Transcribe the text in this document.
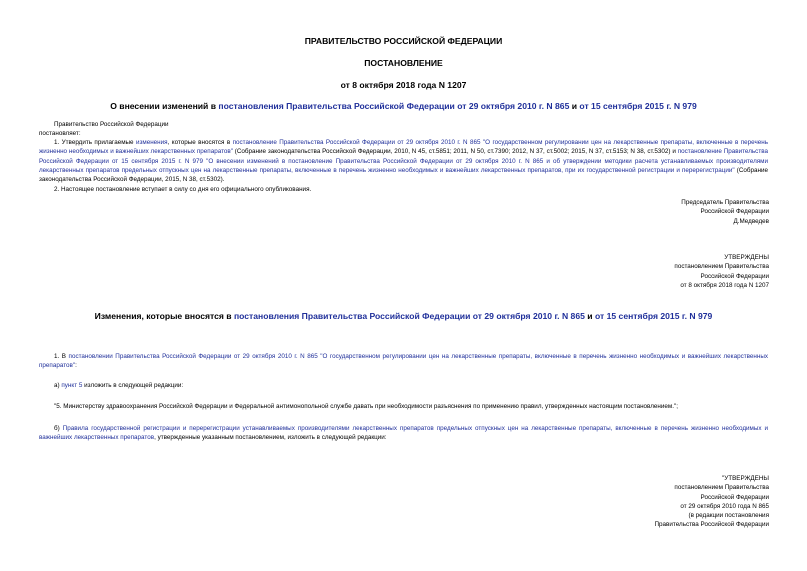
ПРАВИТЕЛЬСТВО РОССИЙСКОЙ ФЕДЕРАЦИИ
ПОСТАНОВЛЕНИЕ
от 8 октября 2018 года N 1207
О внесении изменений в постановления Правительства Российской Федерации от 29 октября 2010 г. N 865 и от 15 сентября 2015 г. N 979
Правительство Российской Федерации
постановляет:
1. Утвердить прилагаемые изменения, которые вносятся в постановление Правительства Российской Федерации от 29 октября 2010 г. N 865 "О государственном регулировании цен на лекарственные препараты, включенные в перечень жизненно необходимых и важнейших лекарственных препаратов" (Собрание законодательства Российской Федерации, 2010, N 45, ст.5851; 2011, N 50, ст.7390; 2012, N 37, ст.5002; 2015, N 37, ст.5153; N 38, ст.5302) и постановление Правительства Российской Федерации от 15 сентября 2015 г. N 979 "О внесении изменений в постановление Правительства Российской Федерации от 29 октября 2010 г. N 865 и об утверждении методики расчета устанавливаемых производителями лекарственных препаратов предельных отпускных цен на лекарственные препараты, включенные в перечень жизненно необходимых и важнейших лекарственных препаратов, при их государственной регистрации и перерегистрации" (Собрание законодательства Российской Федерации, 2015, N 38, ст.5302).
2. Настоящее постановление вступает в силу со дня его официального опубликования.
Председатель Правительства
Российской Федерации
Д.Медведев
УТВЕРЖДЕНЫ
постановлением Правительства
Российской Федерации
от 8 октября 2018 года N 1207
Изменения, которые вносятся в постановления Правительства Российской Федерации от 29 октября 2010 г. N 865 и от 15 сентября 2015 г. N 979
1. В постановлении Правительства Российской Федерации от 29 октября 2010 г. N 865 "О государственном регулировании цен на лекарственные препараты, включенные в перечень жизненно необходимых и важнейших лекарственных препаратов":
а) пункт 5 изложить в следующей редакции:
"5. Министерству здравоохранения Российской Федерации и Федеральной антимонопольной службе давать при необходимости разъяснения по применению правил, утвержденных настоящим постановлением.";
б) Правила государственной регистрации и перерегистрации устанавливаемых производителями лекарственных препаратов предельных отпускных цен на лекарственные препараты, включенные в перечень жизненно необходимых и важнейших лекарственных препаратов, утвержденные указанным постановлением, изложить в следующей редакции:
"УТВЕРЖДЕНЫ
постановлением Правительства
Российской Федерации
от 29 октября 2010 года N 865
(в редакции постановления
Правительства Российской Федерации
